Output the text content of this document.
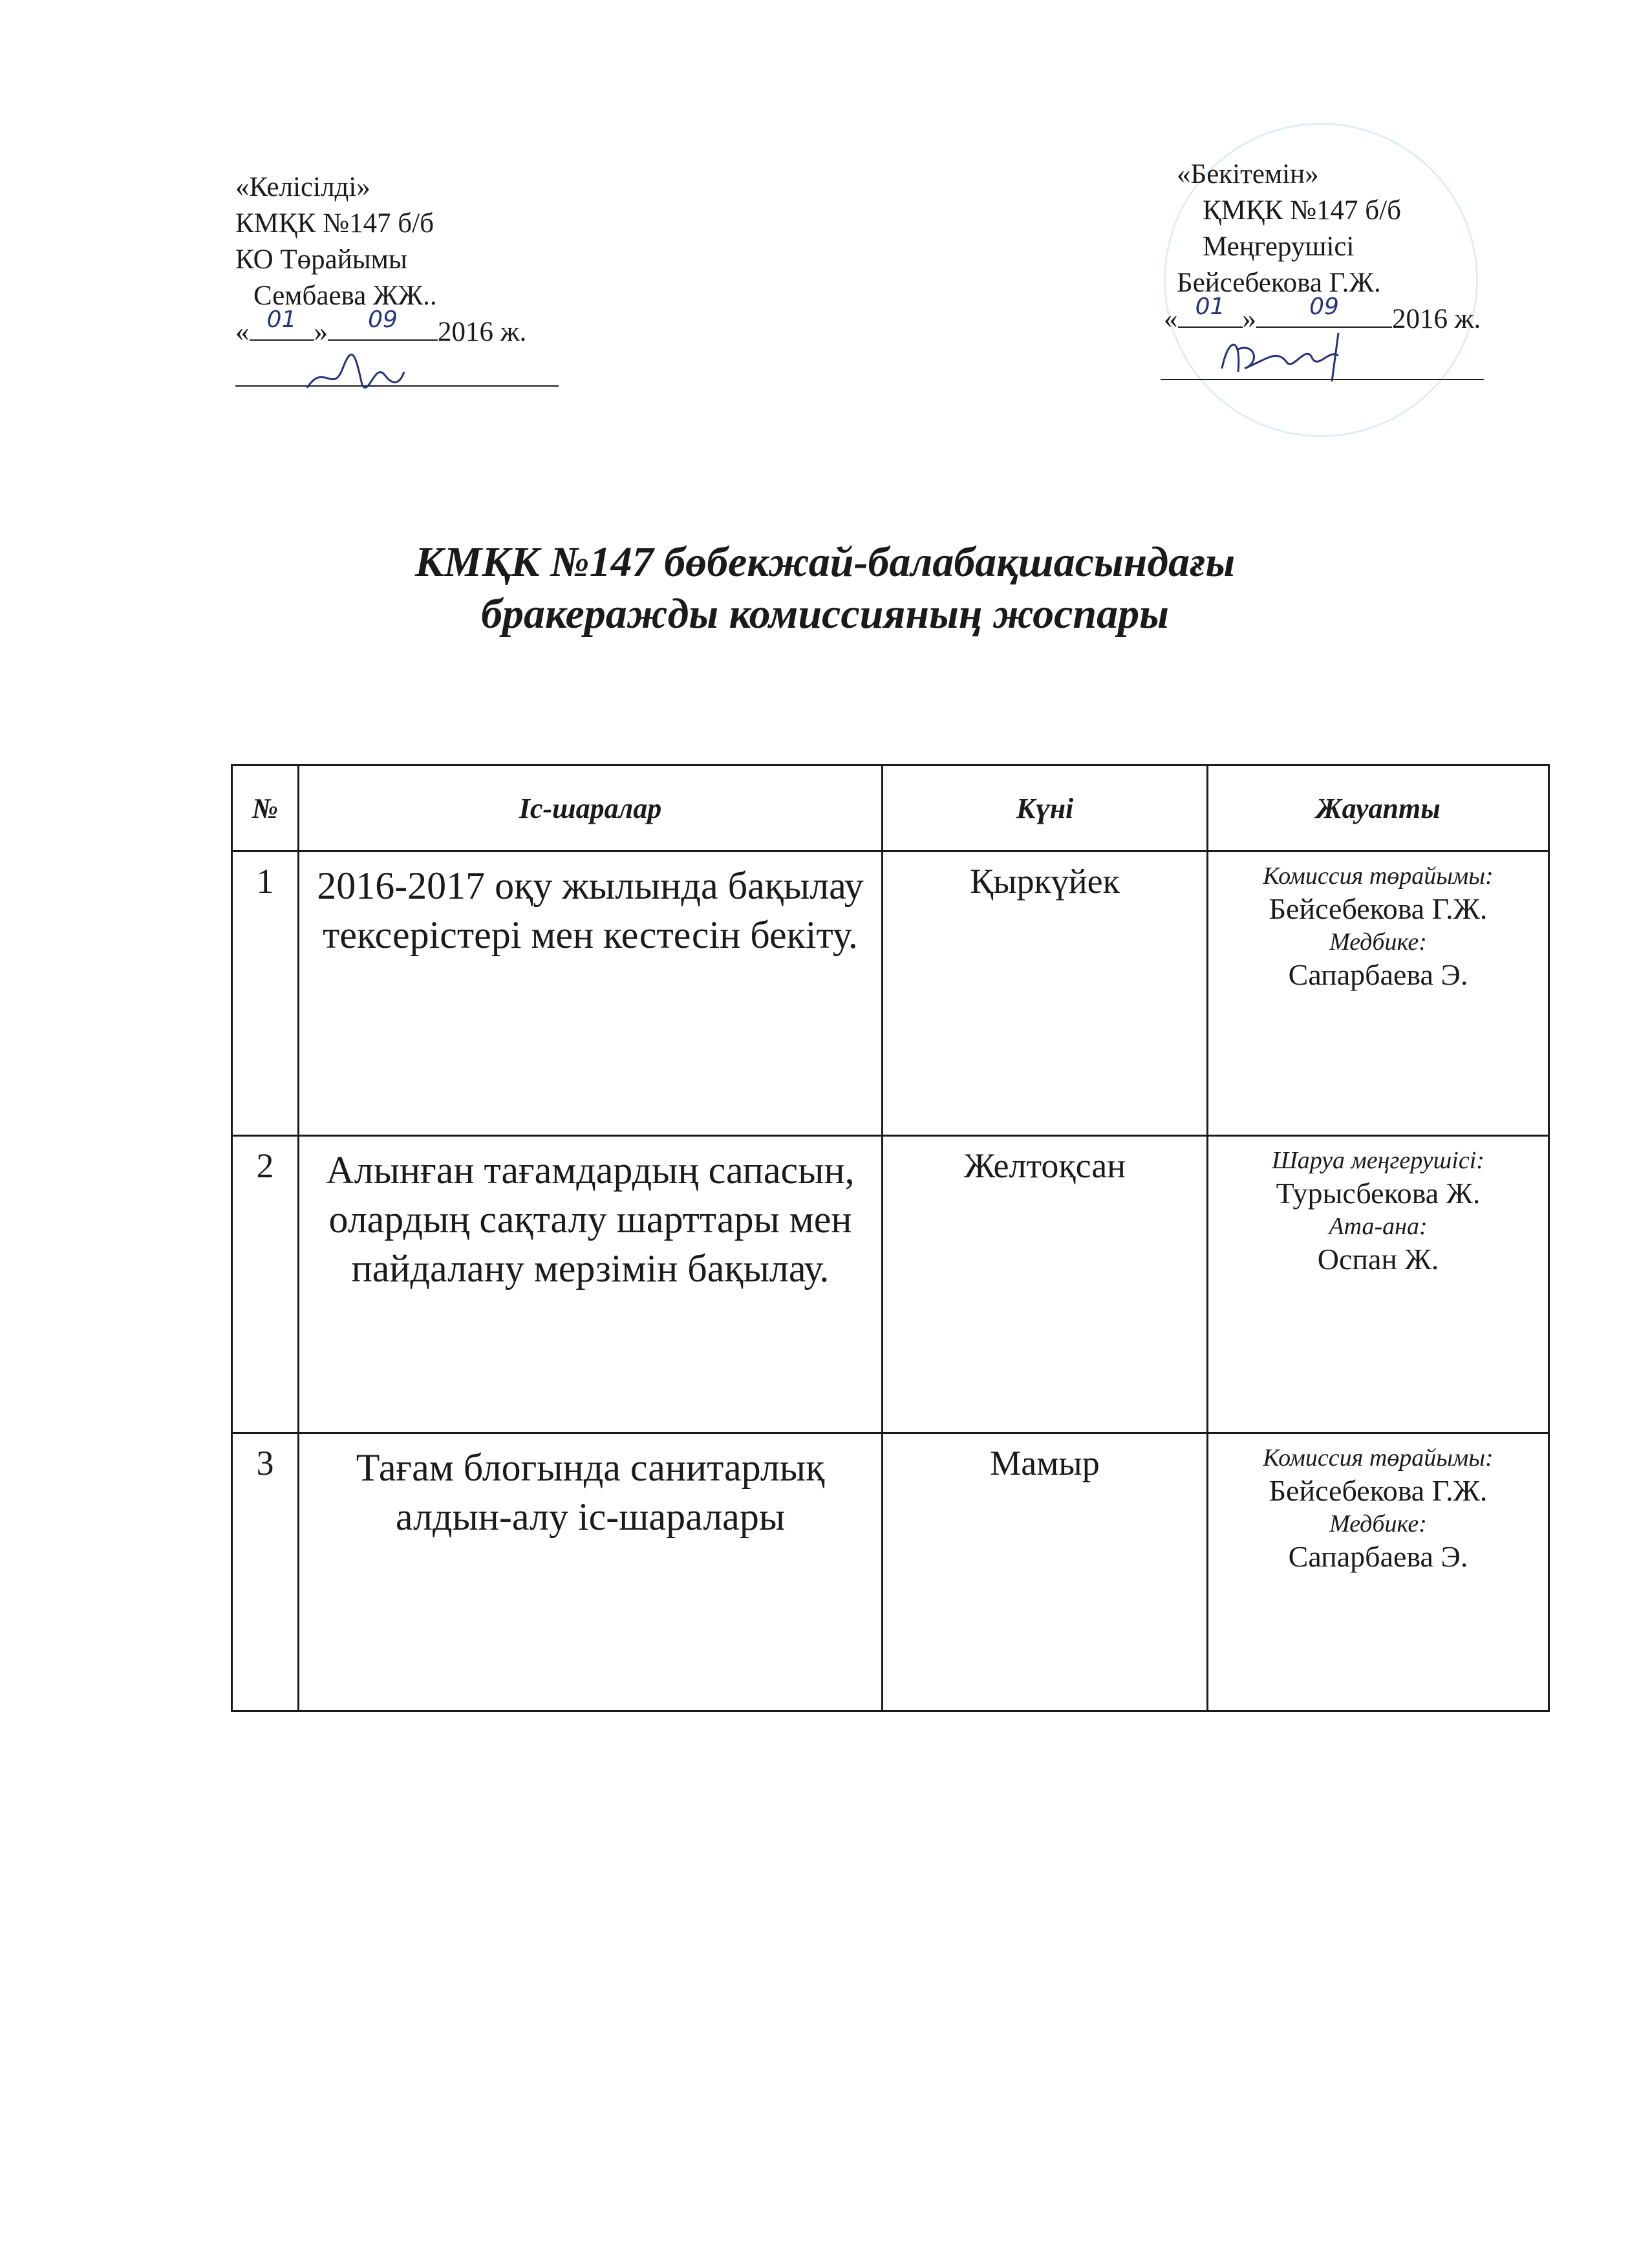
«Келісілді»
КМҚК №147 б/б
КО Төрайымы
Сембаева ЖЖ..
« 01 » 09 2016 ж.
«Бекітемін»
ҚМҚК №147 б/б
Меңгерушісі
Бейсебекова Г.Ж.
« 01 » 09 2016 ж.
КМҚК №147 бөбекжай-балабақшасындағы
бракеражды комиссияның жоспары
№	Іс-шаралар	Күні	Жауапты
1	2016-2017 оқу жылында бақылау тексерістері мен кестесін бекіту.	Қыркүйек	Комиссия төрайымы:
Бейсебекова Г.Ж.
Медбике:
Сапарбаева Э.

2	Алынған тағамдардың сапасын, олардың сақталу шарттары мен пайдалану мерзімін бақылау.	Желтоқсан	Шаруа меңгерушісі:
Турысбекова Ж.
Ата-ана:
Оспан Ж.

3	Тағам блогында санитарлық алдын-алу іс-шаралары	Мамыр	Комиссия төрайымы:
Бейсебекова Г.Ж.
Медбике:
Сапарбаева Э.
